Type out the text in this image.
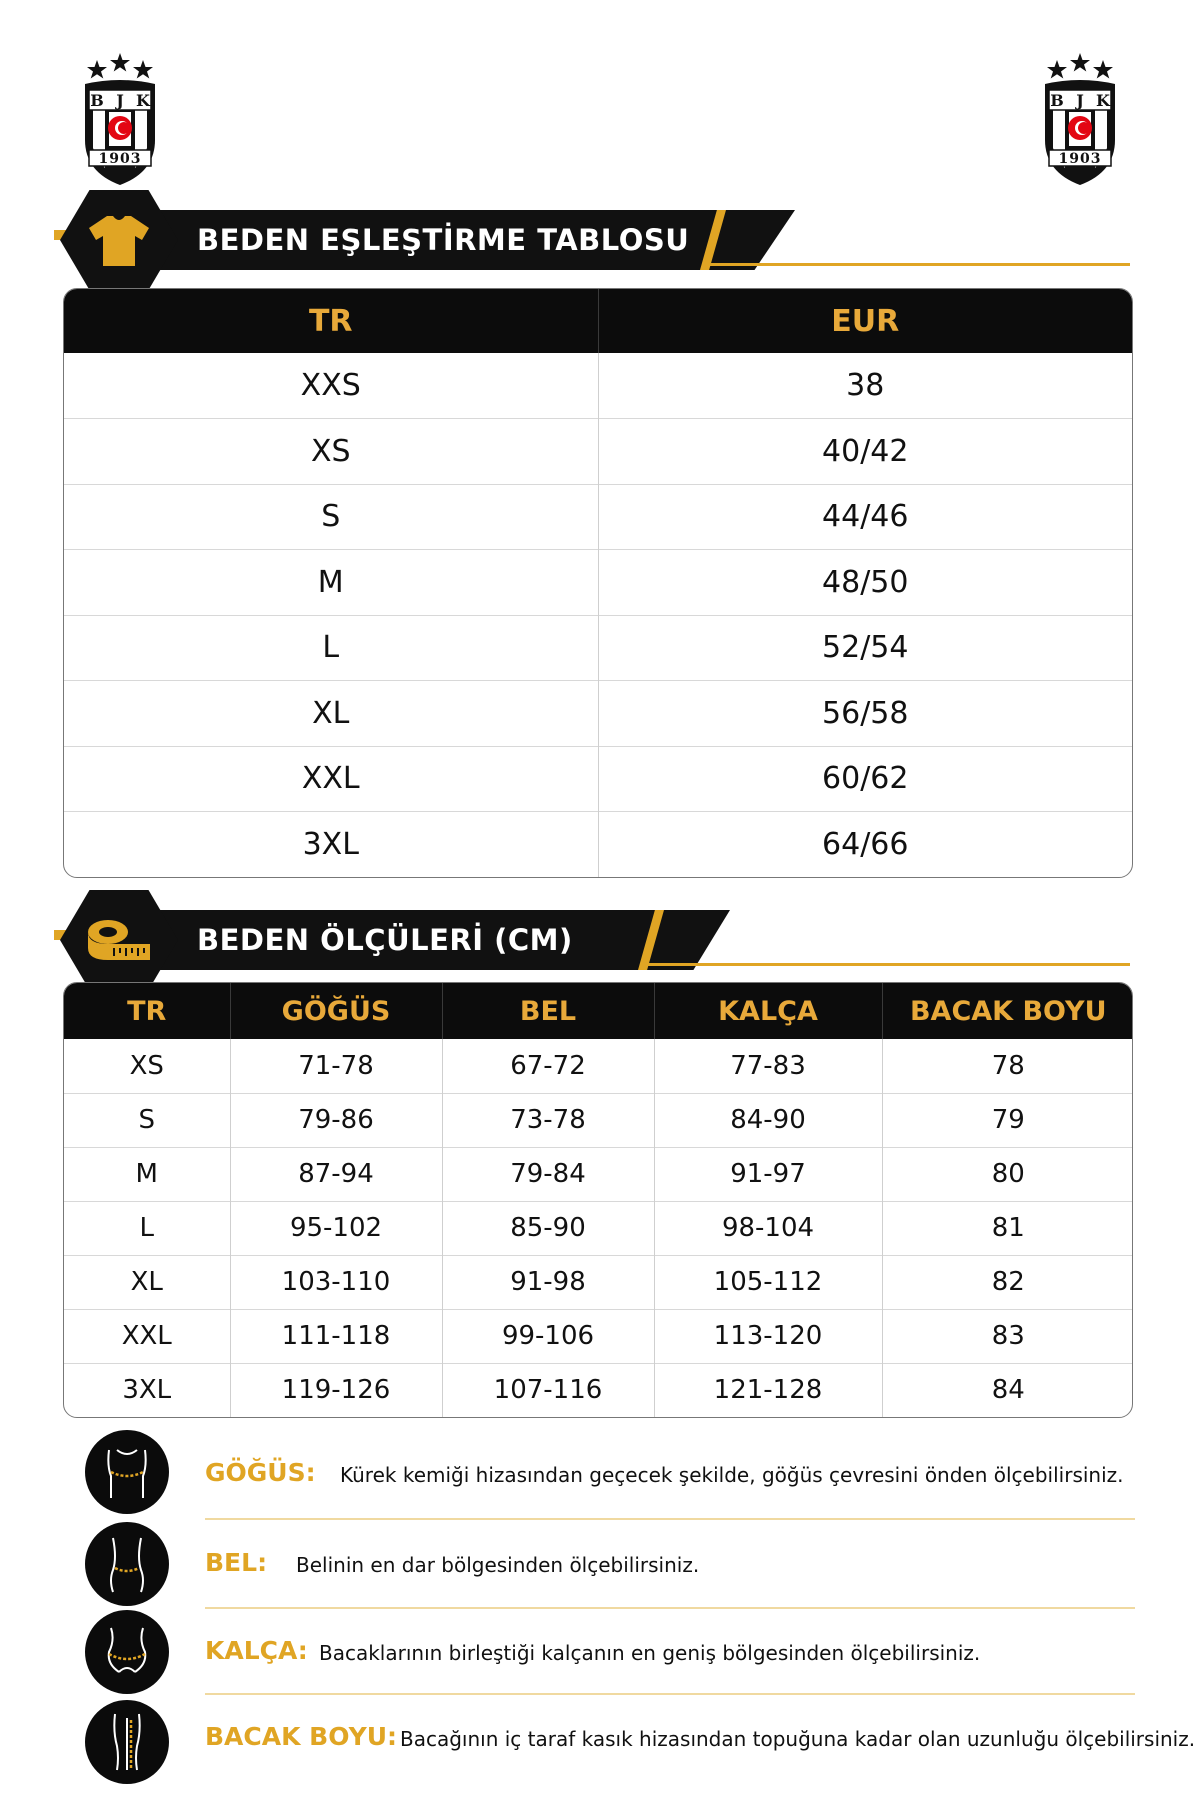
B J K
1903
B J K
1903
BEDEN EŞLEŞTİRME TABLOSU
TR	EUR
XXS	38
XS	40/42
S	44/46
M	48/50
L	52/54
XL	56/58
XXL	60/62
3XL	64/66
BEDEN ÖLÇÜLERİ (CM)
TR	GÖĞÜS	BEL	KALÇA	BACAK BOYU
XS	71-78	67-72	77-83	78
S	79-86	73-78	84-90	79
M	87-94	79-84	91-97	80
L	95-102	85-90	98-104	81
XL	103-110	91-98	105-112	82
XXL	111-118	99-106	113-120	83
3XL	119-126	107-116	121-128	84
GÖĞÜS: Kürek kemiği hizasından geçecek şekilde, göğüs çevresini önden ölçebilirsiniz.
BEL: Belinin en dar bölgesinden ölçebilirsiniz.
KALÇA: Bacaklarının birleştiği kalçanın en geniş bölgesinden ölçebilirsiniz.
BACAK BOYU: Bacağının iç taraf kasık hizasından topuğuna kadar olan uzunluğu ölçebilirsiniz.
